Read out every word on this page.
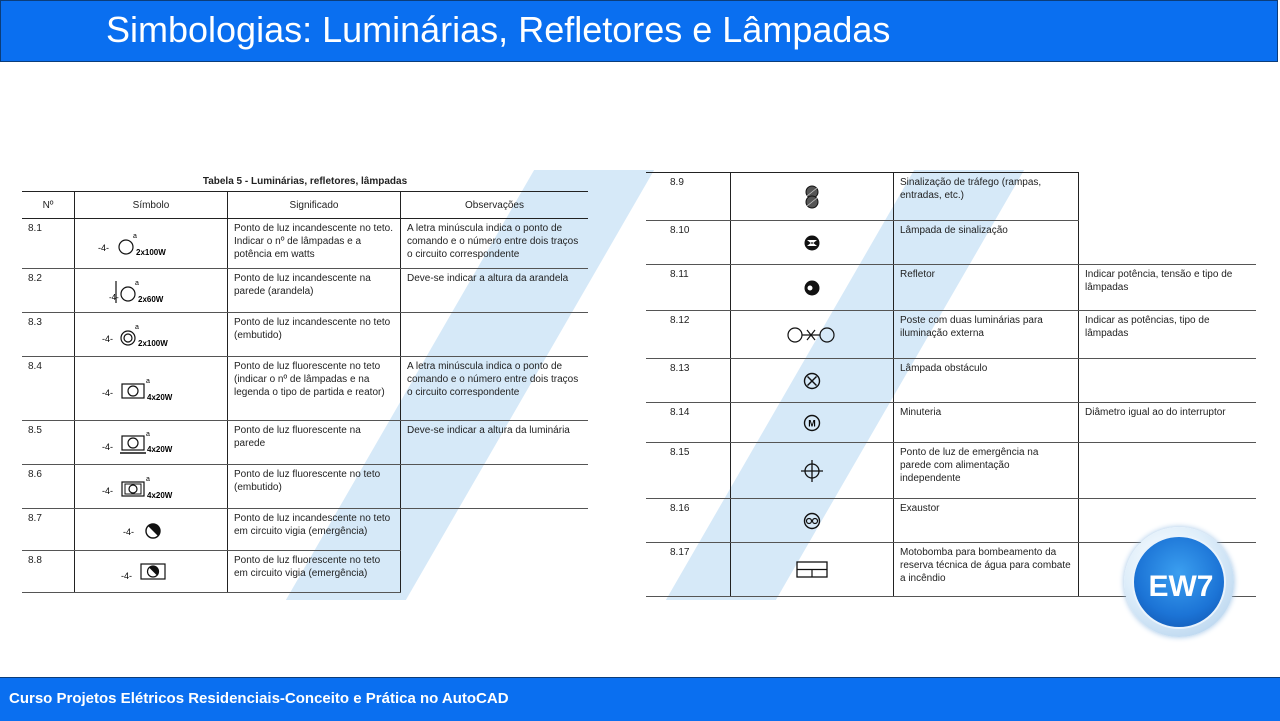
Simbologias: Luminárias, Refletores e Lâmpadas
Tabela 5 - Luminárias, refletores, lâmpadas
Nº	Símbolo	Significado	Observações
8.1	-4-
a
2x100W	Ponto de luz incandescente no teto. Indicar o nº de lâmpadas e a potência em watts	A letra minúscula indica o ponto de comando e o número entre dois traços o circuito correspondente
8.2	-4-
a
2x60W	Ponto de luz incandescente na parede (arandela)	Deve-se indicar a altura da arandela
8.3	-4-
a
2x100W	Ponto de luz incandescente no teto (embutido)	
8.4	-4-
a
4x20W	Ponto de luz fluorescente no teto (indicar o nº de lâmpadas e na legenda o tipo de partida e reator)	A letra minúscula indica o ponto de comando e o número entre dois traços o circuito correspondente
8.5	-4-
a
4x20W	Ponto de luz fluorescente na parede	Deve-se indicar a altura da luminária
8.6	-4-
a
4x20W	Ponto de luz fluorescente no teto (embutido)	
8.7	-4-	Ponto de luz incandescente no teto em circuito vigia (emergência)	
8.8	-4-	Ponto de luz fluorescente no teto em circuito vigia (emergência)	
8.9		Sinalização de tráfego (rampas, entradas, etc.)	
8.10		Lâmpada de sinalização	
8.11		Refletor	Indicar potência, tensão e tipo de lâmpadas
8.12		Poste com duas luminárias para iluminação externa	Indicar as potências, tipo de lâmpadas
8.13		Lâmpada obstáculo	
8.14	M	Minuteria	Diâmetro igual ao do interruptor
8.15		Ponto de luz de emergência na parede com alimentação independente	
8.16		Exaustor	
8.17		Motobomba para bombeamento da reserva técnica de água para combate a incêndio		EW7
Curso Projetos Elétricos Residenciais-Conceito e Prática no AutoCAD
